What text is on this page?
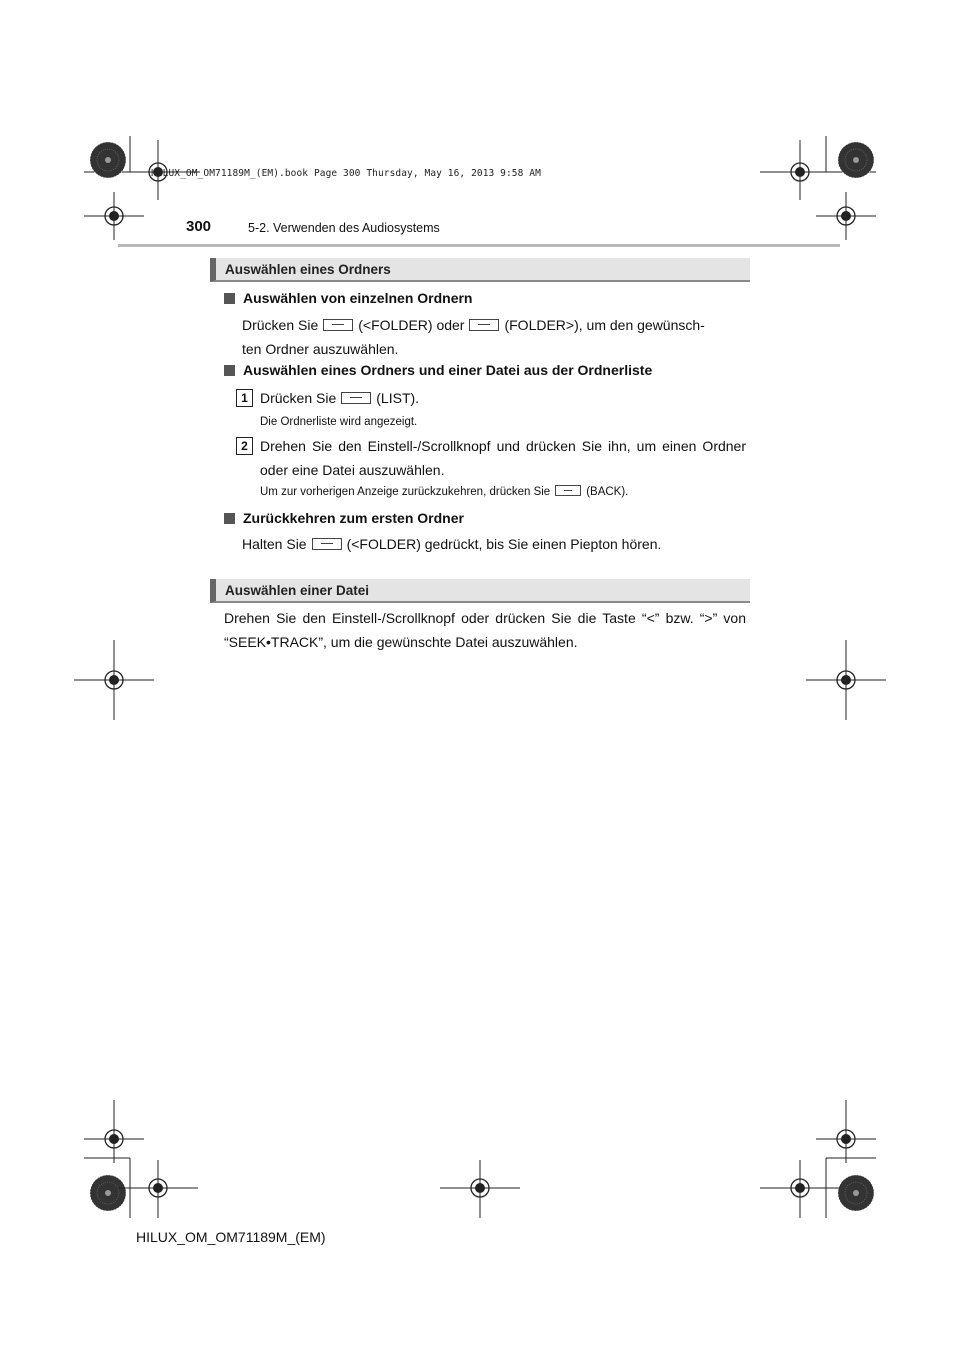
HILUX_OM_OM71189M_(EM).book Page 300 Thursday, May 16, 2013 9:58 AM
300	5-2. Verwenden des Audiosystems
Auswählen eines Ordners
Auswählen von einzelnen Ordnern
Drücken Sie	(<FOLDER) oder	(FOLDER>), um den gewünsch-
ten Ordner auszuwählen.
Auswählen eines Ordners und einer Datei aus der Ordnerliste
1 Drücken Sie	(LIST).
Die Ordnerliste wird angezeigt.
2 Drehen Sie den Einstell-/Scrollknopf und drücken Sie ihn, um einen Ordner oder eine Datei auszuwählen.
Um zur vorherigen Anzeige zurückzukehren, drücken Sie	(BACK).
Zurückkehren zum ersten Ordner
Halten Sie	(<FOLDER) gedrückt, bis Sie einen Piepton hören.
Auswählen einer Datei
Drehen Sie den Einstell-/Scrollknopf oder drücken Sie die Taste “<” bzw. “>” von “SEEK•TRACK”, um die gewünschte Datei auszuwählen.
HILUX_OM_OM71189M_(EM)
